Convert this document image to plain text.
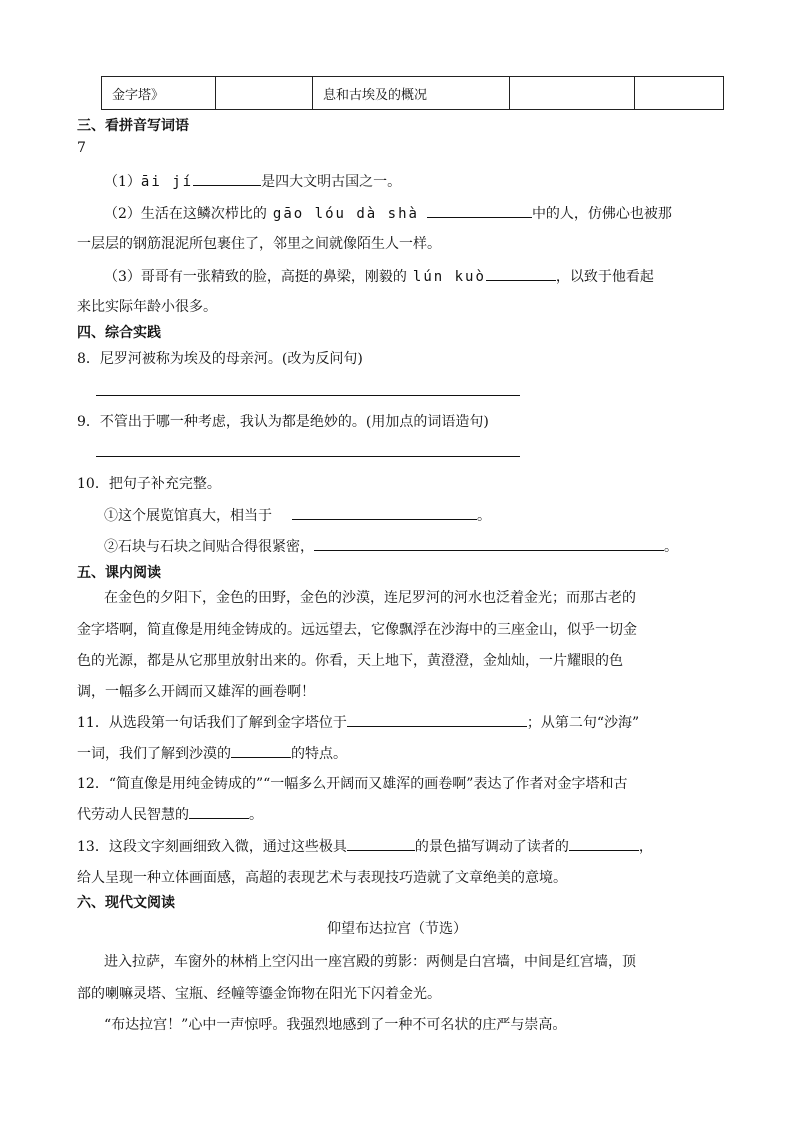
金字塔》		息和古埃及的概况		
三、看拼音写词语
7
（1）āi jí	是四大文明古国之一。
（2）生活在这鳞次栉比的 gāo lóu dà shà	中的人，仿佛心也被那
一层层的钢筋混泥所包裹住了，邻里之间就像陌生人一样。
（3）哥哥有一张精致的脸，高挺的鼻梁，刚毅的 lún kuò	，以致于他看起
来比实际年龄小很多。
四、综合实践
8．尼罗河被称为埃及的母亲河。(改为反问句)
9．不管出于哪一种考虑，我认为都是绝妙的。(用加点的词语造句)
10．把句子补充完整。
①这个展览馆真大，相当于	。
②石块与石块之间贴合得很紧密，	。
五、课内阅读
在金色的夕阳下，金色的田野，金色的沙漠，连尼罗河的河水也泛着金光；而那古老的
金字塔啊，简直像是用纯金铸成的。远远望去，它像飘浮在沙海中的三座金山，似乎一切金
色的光源，都是从它那里放射出来的。你看，天上地下，黄澄澄，金灿灿，一片耀眼的色
调，一幅多么开阔而又雄浑的画卷啊！
11．从选段第一句话我们了解到金字塔位于	；从第二句“沙海”
一词，我们了解到沙漠的	的特点。
12．“简直像是用纯金铸成的”“一幅多么开阔而又雄浑的画卷啊”表达了作者对金字塔和古
代劳动人民智慧的	。
13．这段文字刻画细致入微，通过这些极具	的景色描写调动了读者的	，
给人呈现一种立体画面感，高超的表现艺术与表现技巧造就了文章绝美的意境。
六、现代文阅读
仰望布达拉宫（节选）
进入拉萨，车窗外的林梢上空闪出一座宫殿的剪影：两侧是白宫墙，中间是红宫墙，顶
部的喇嘛灵塔、宝瓶、经幢等鎏金饰物在阳光下闪着金光。
“布达拉宫！”心中一声惊呼。我强烈地感到了一种不可名状的庄严与崇高。
